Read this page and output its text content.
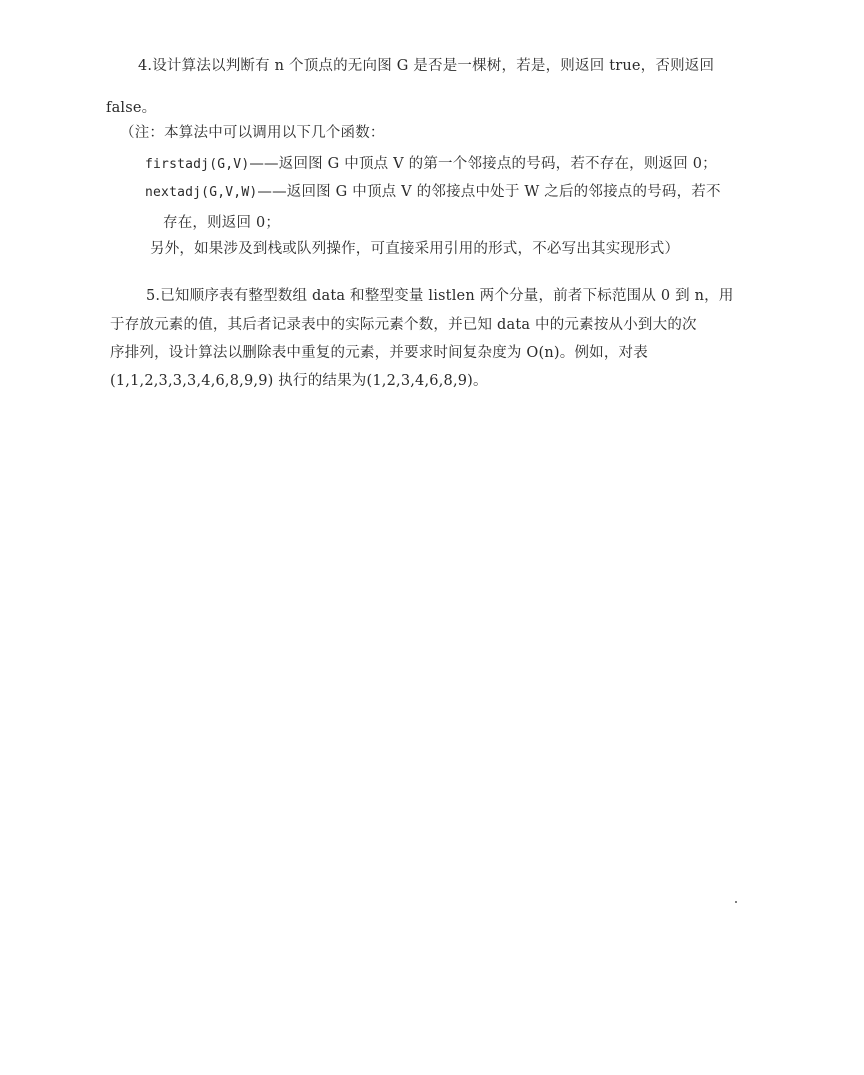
4.设计算法以判断有 n 个顶点的无向图 G 是否是一棵树，若是，则返回 true，否则返回
false。
（注：本算法中可以调用以下几个函数：
firstadj(G,V)——返回图 G 中顶点 V 的第一个邻接点的号码，若不存在，则返回 0；
nextadj(G,V,W)——返回图 G 中顶点 V 的邻接点中处于 W 之后的邻接点的号码，若不
存在，则返回 0；
另外，如果涉及到栈或队列操作，可直接采用引用的形式，不必写出其实现形式）
5.已知顺序表有整型数组 data 和整型变量 listlen 两个分量，前者下标范围从 0 到 n，用
于存放元素的值，其后者记录表中的实际元素个数，并已知 data 中的元素按从小到大的次
序排列，设计算法以删除表中重复的元素，并要求时间复杂度为 O(n)。例如，对表
(1,1,2,3,3,3,4,6,8,9,9) 执行的结果为(1,2,3,4,6,8,9)。
